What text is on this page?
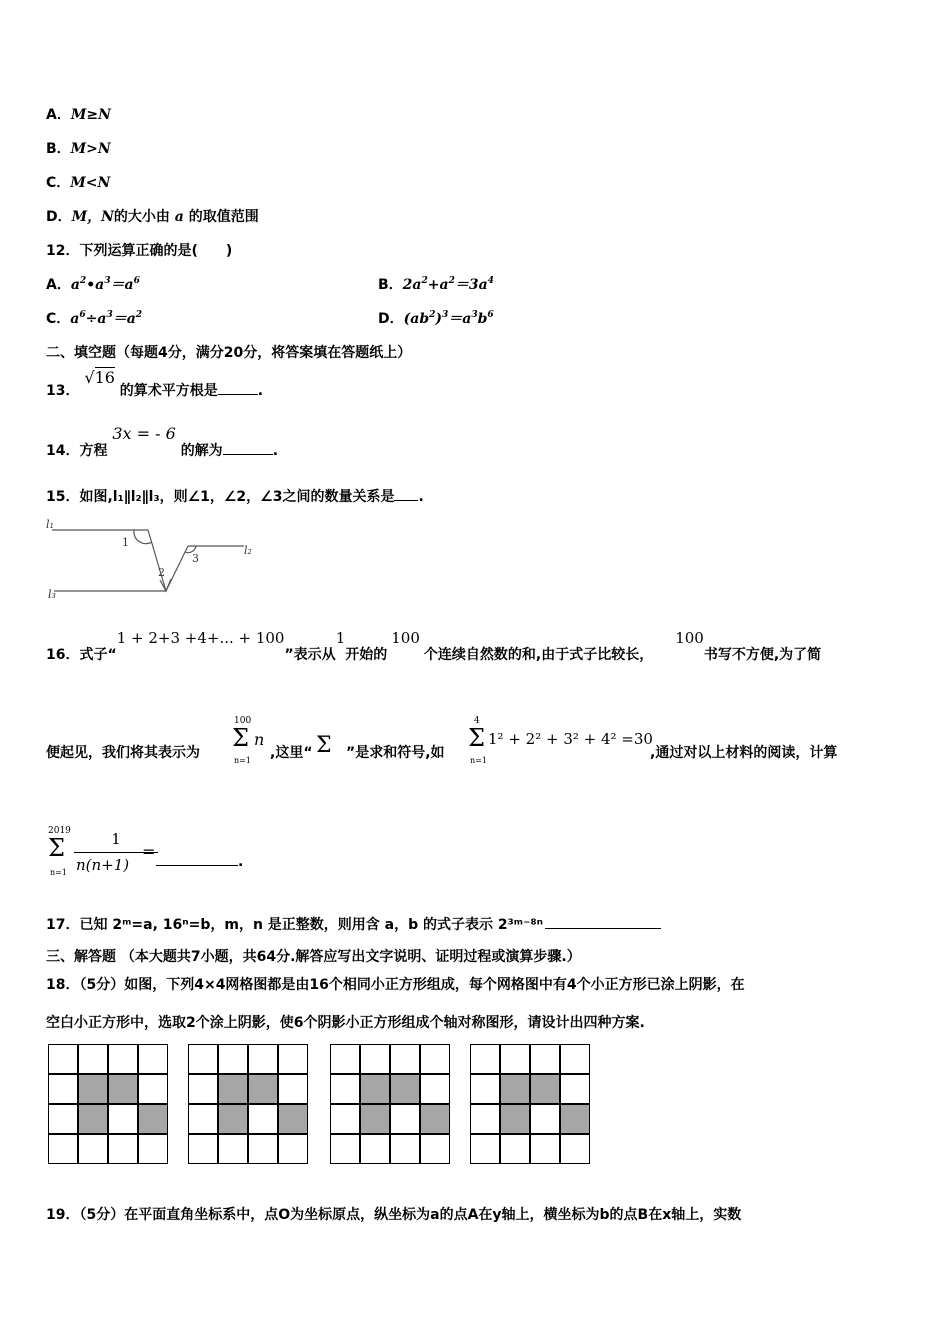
A．M≥N
B．M>N
C．M<N
D．M，N的大小由 a 的取值范围
12．下列运算正确的是(　　)
A．$a^2•a^3=a^6$	B．$2a^2+a^2=3a^4$
C．$a^6\div a^3=a^2$	D．$(ab^2)^3=a^3b^6$
二、填空题（每题4分，满分20分，将答案填在答题纸上）
13． √16 的算术平方根是	.
14．方程 3x = - 6 的解为	.
15．如图,l₁∥l₂∥l₃，则∠1，∠2，∠3之间的数量关系是 .
l₁
l₂
l₃
1
2
3
16．式子“1 + 2+3 +4+... + 100”表示从1开始的100个连续自然数的和,由于式子比较长，100书写不方便,为了简
便起见，我们将其表示为
100
Σ n
n=1 ,这里“ Σ ”是求和符号,如
4
Σ 1² + 2² + 3² + 4² =30
n=1	,通过对以上材料的阅读，计算
2019
Σ
n=1
1
n(n+1)
=
.
17．已知 2ᵐ=a, 16ⁿ=b，m，n 是正整数，则用含 a，b 的式子表示 2³ᵐ⁻⁸ⁿ
三、解答题 （本大题共7小题，共64分.解答应写出文字说明、证明过程或演算步骤.）
18．（5分）如图，下列4×4网格图都是由16个相同小正方形组成，每个网格图中有4个小正方形已涂上阴影，在
空白小正方形中，选取2个涂上阴影，使6个阴影小正方形组成个轴对称图形，请设计出四种方案.
19．（5分）在平面直角坐标系中，点O为坐标原点，纵坐标为a的点A在y轴上，横坐标为b的点B在x轴上，实数
